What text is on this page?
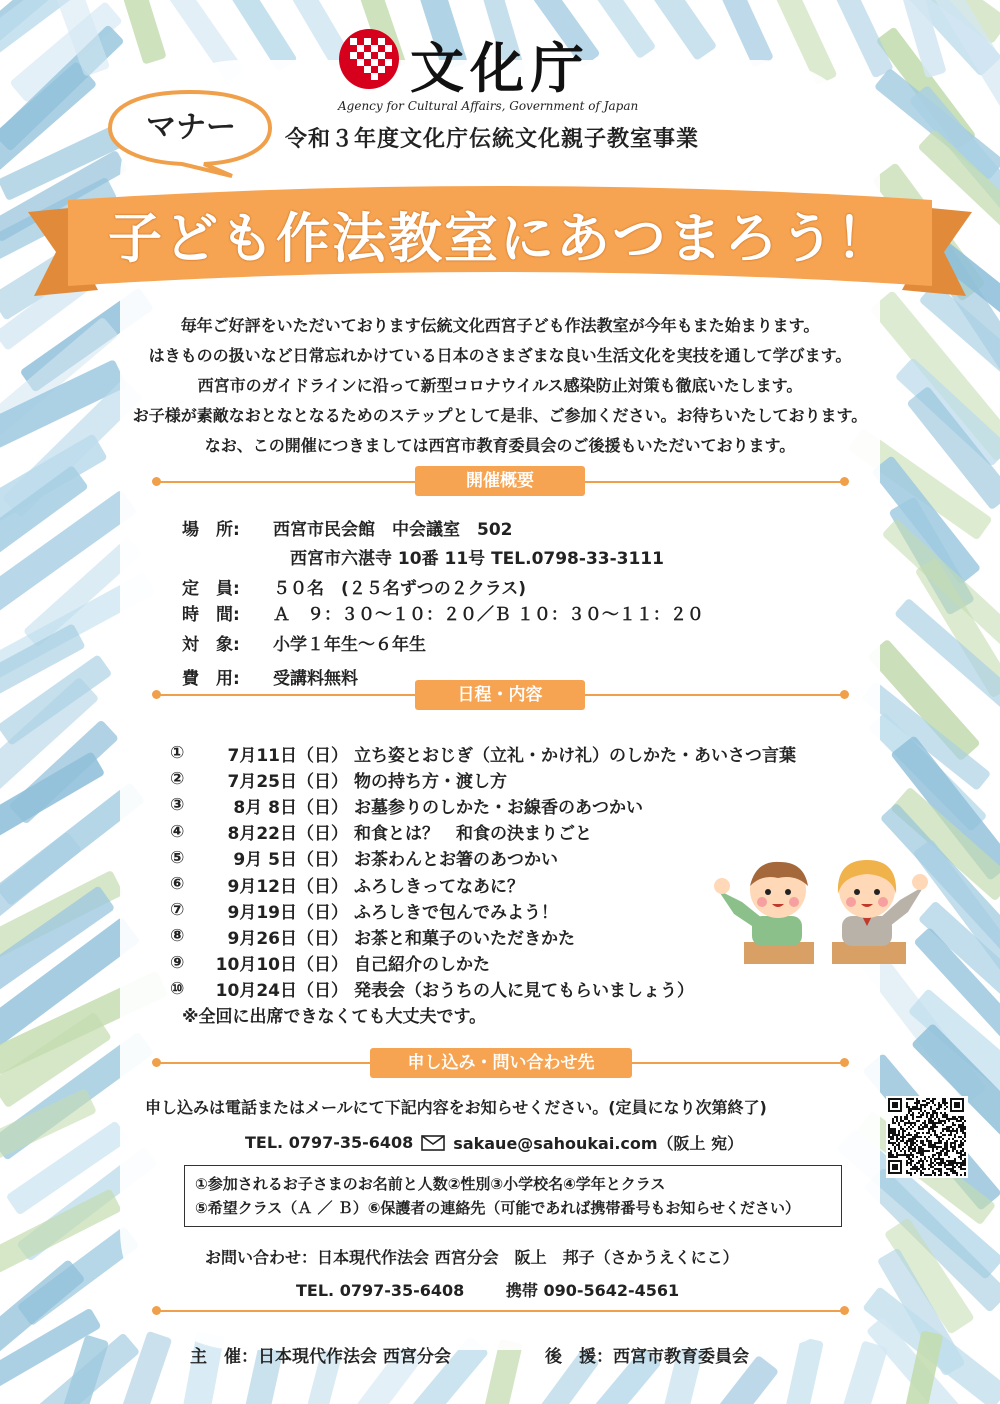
文化庁
Agency for Cultural Affairs, Government of Japan
マナー	令和３年度文化庁伝統文化親子教室事業
子ども作法教室にあつまろう！
毎年ご好評をいただいております伝統文化西宮子ども作法教室が今年もまた始まります。
はきものの扱いなど日常忘れかけている日本のさまざまな良い生活文化を実技を通して学びます。
西宮市のガイドラインに沿って新型コロナウイルス感染防止対策も徹底いたします。
お子様が素敵なおとなとなるためのステップとして是非、ご参加ください。お待ちいたしております。
なお、この開催につきましては西宮市教育委員会のご後援もいただいております。
開催概要
場　所: 西宮市民会館　中会議室　502
西宮市六湛寺 10番 11号 TEL.0798-33-3111
定　員: ５０名　(２５名ずつの２クラス)
時　間: Ａ　９：３０～１０：２０／Ｂ １０：３０～１１：２０
対　象: 小学１年生～６年生
費　用: 受講料無料
日程・内容
①	7月11日（日） 立ち姿とおじぎ（立礼・かけ礼）のしかた・あいさつ言葉
②	7月25日（日） 物の持ち方・渡し方
③	8月 8日（日） お墓参りのしかた・お線香のあつかい
④	8月22日（日） 和食とは？　和食の決まりごと
⑤	9月 5日（日） お茶わんとお箸のあつかい
⑥	9月12日（日） ふろしきってなあに？
⑦	9月19日（日） ふろしきで包んでみよう！
⑧	9月26日（日） お茶と和菓子のいただきかた
⑨	10月10日（日） 自己紹介のしかた
⑩	10月24日（日） 発表会（おうちの人に見てもらいましょう）
※全回に出席できなくても大丈夫です。
申し込み・問い合わせ先
申し込みは電話またはメールにて下記内容をお知らせください。(定員になり次第終了)
TEL. 0797-35-6408	sakaue@sahoukai.com（阪上 宛）
①参加されるお子さまのお名前と人数②性別③小学校名④学年とクラス
⑤希望クラス（Ａ ／ Ｂ）⑥保護者の連絡先（可能であれば携帯番号もお知らせください）
お問い合わせ：日本現代作法会 西宮分会　阪上　邦子（さかうえくにこ）
TEL. 0797-35-6408	携帯 090-5642-4561
主　催：日本現代作法会 西宮分会	後　援：西宮市教育委員会
